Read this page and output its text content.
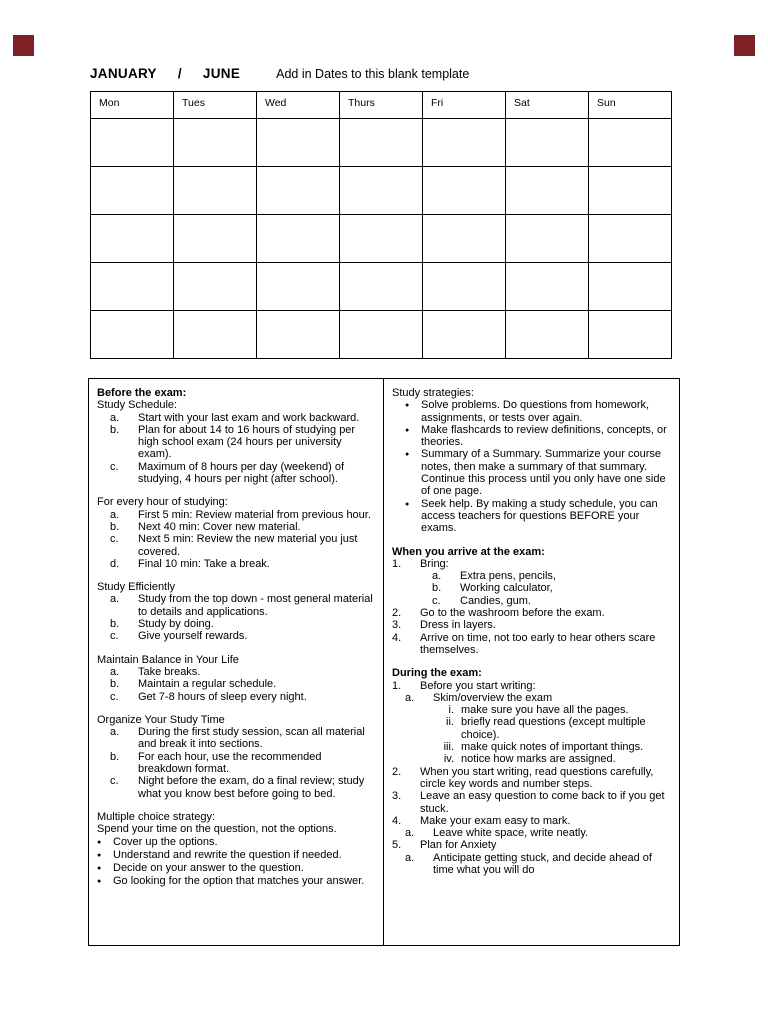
JANUARY / JUNE	Add in Dates to this blank template
Mon	Tues	Wed	Thurs	Fri	Sat	Sun

Before the exam:
Study Schedule:
a.	Start with your last exam and work backward.
b.	Plan for about 14 to 16 hours of studying per high school exam (24 hours per university exam).
c.	Maximum of 8 hours per day (weekend) of studying, 4 hours per night (after school).
For every hour of studying:
a.	First 5 min: Review material from previous hour.
b.	Next 40 min: Cover new material.
c.	Next 5 min: Review the new material you just covered.
d.	Final 10 min: Take a break.
Study Efficiently
a.	Study from the top down - most general material to details and applications.
b.	Study by doing.
c.	Give yourself rewards.
Maintain Balance in Your Life
a.	Take breaks.
b.	Maintain a regular schedule.
c.	Get 7-8 hours of sleep every night.
Organize Your Study Time
a.	During the first study session, scan all material and break it into sections.
b.	For each hour, use the recommended breakdown format.
c.	Night before the exam, do a final review; study what you know best before going to bed.
Multiple choice strategy:
Spend your time on the question, not the options.
●	Cover up the options.
●	Understand and rewrite the question if needed.
●	Decide on your answer to the question.
●	Go looking for the option that matches your answer.
Study strategies:
●	Solve problems. Do questions from homework, assignments, or tests over again.
●	Make flashcards to review definitions, concepts, or theories.
●	Summary of a Summary. Summarize your course notes, then make a summary of that summary. Continue this process until you only have one side of one page.
●	Seek help. By making a study schedule, you can access teachers for questions BEFORE your exams.
When you arrive at the exam:
1.	Bring:
a.	Extra pens, pencils,
b.	Working calculator,
c.	Candies, gum.
2.	Go to the washroom before the exam.
3.	Dress in layers.
4.	Arrive on time, not too early to hear others scare themselves.
During the exam:
1.	Before you start writing:
a.	Skim/overview the exam
i. make sure you have all the pages.
ii. briefly read questions (except multiple choice).
iii. make quick notes of important things.
iv. notice how marks are assigned.
2.	When you start writing, read questions carefully, circle key words and number steps.
3.	Leave an easy question to come back to if you get stuck.
4.	Make your exam easy to mark.
a.	Leave white space, write neatly.
5.	Plan for Anxiety
a.	Anticipate getting stuck, and decide ahead of time what you will do
